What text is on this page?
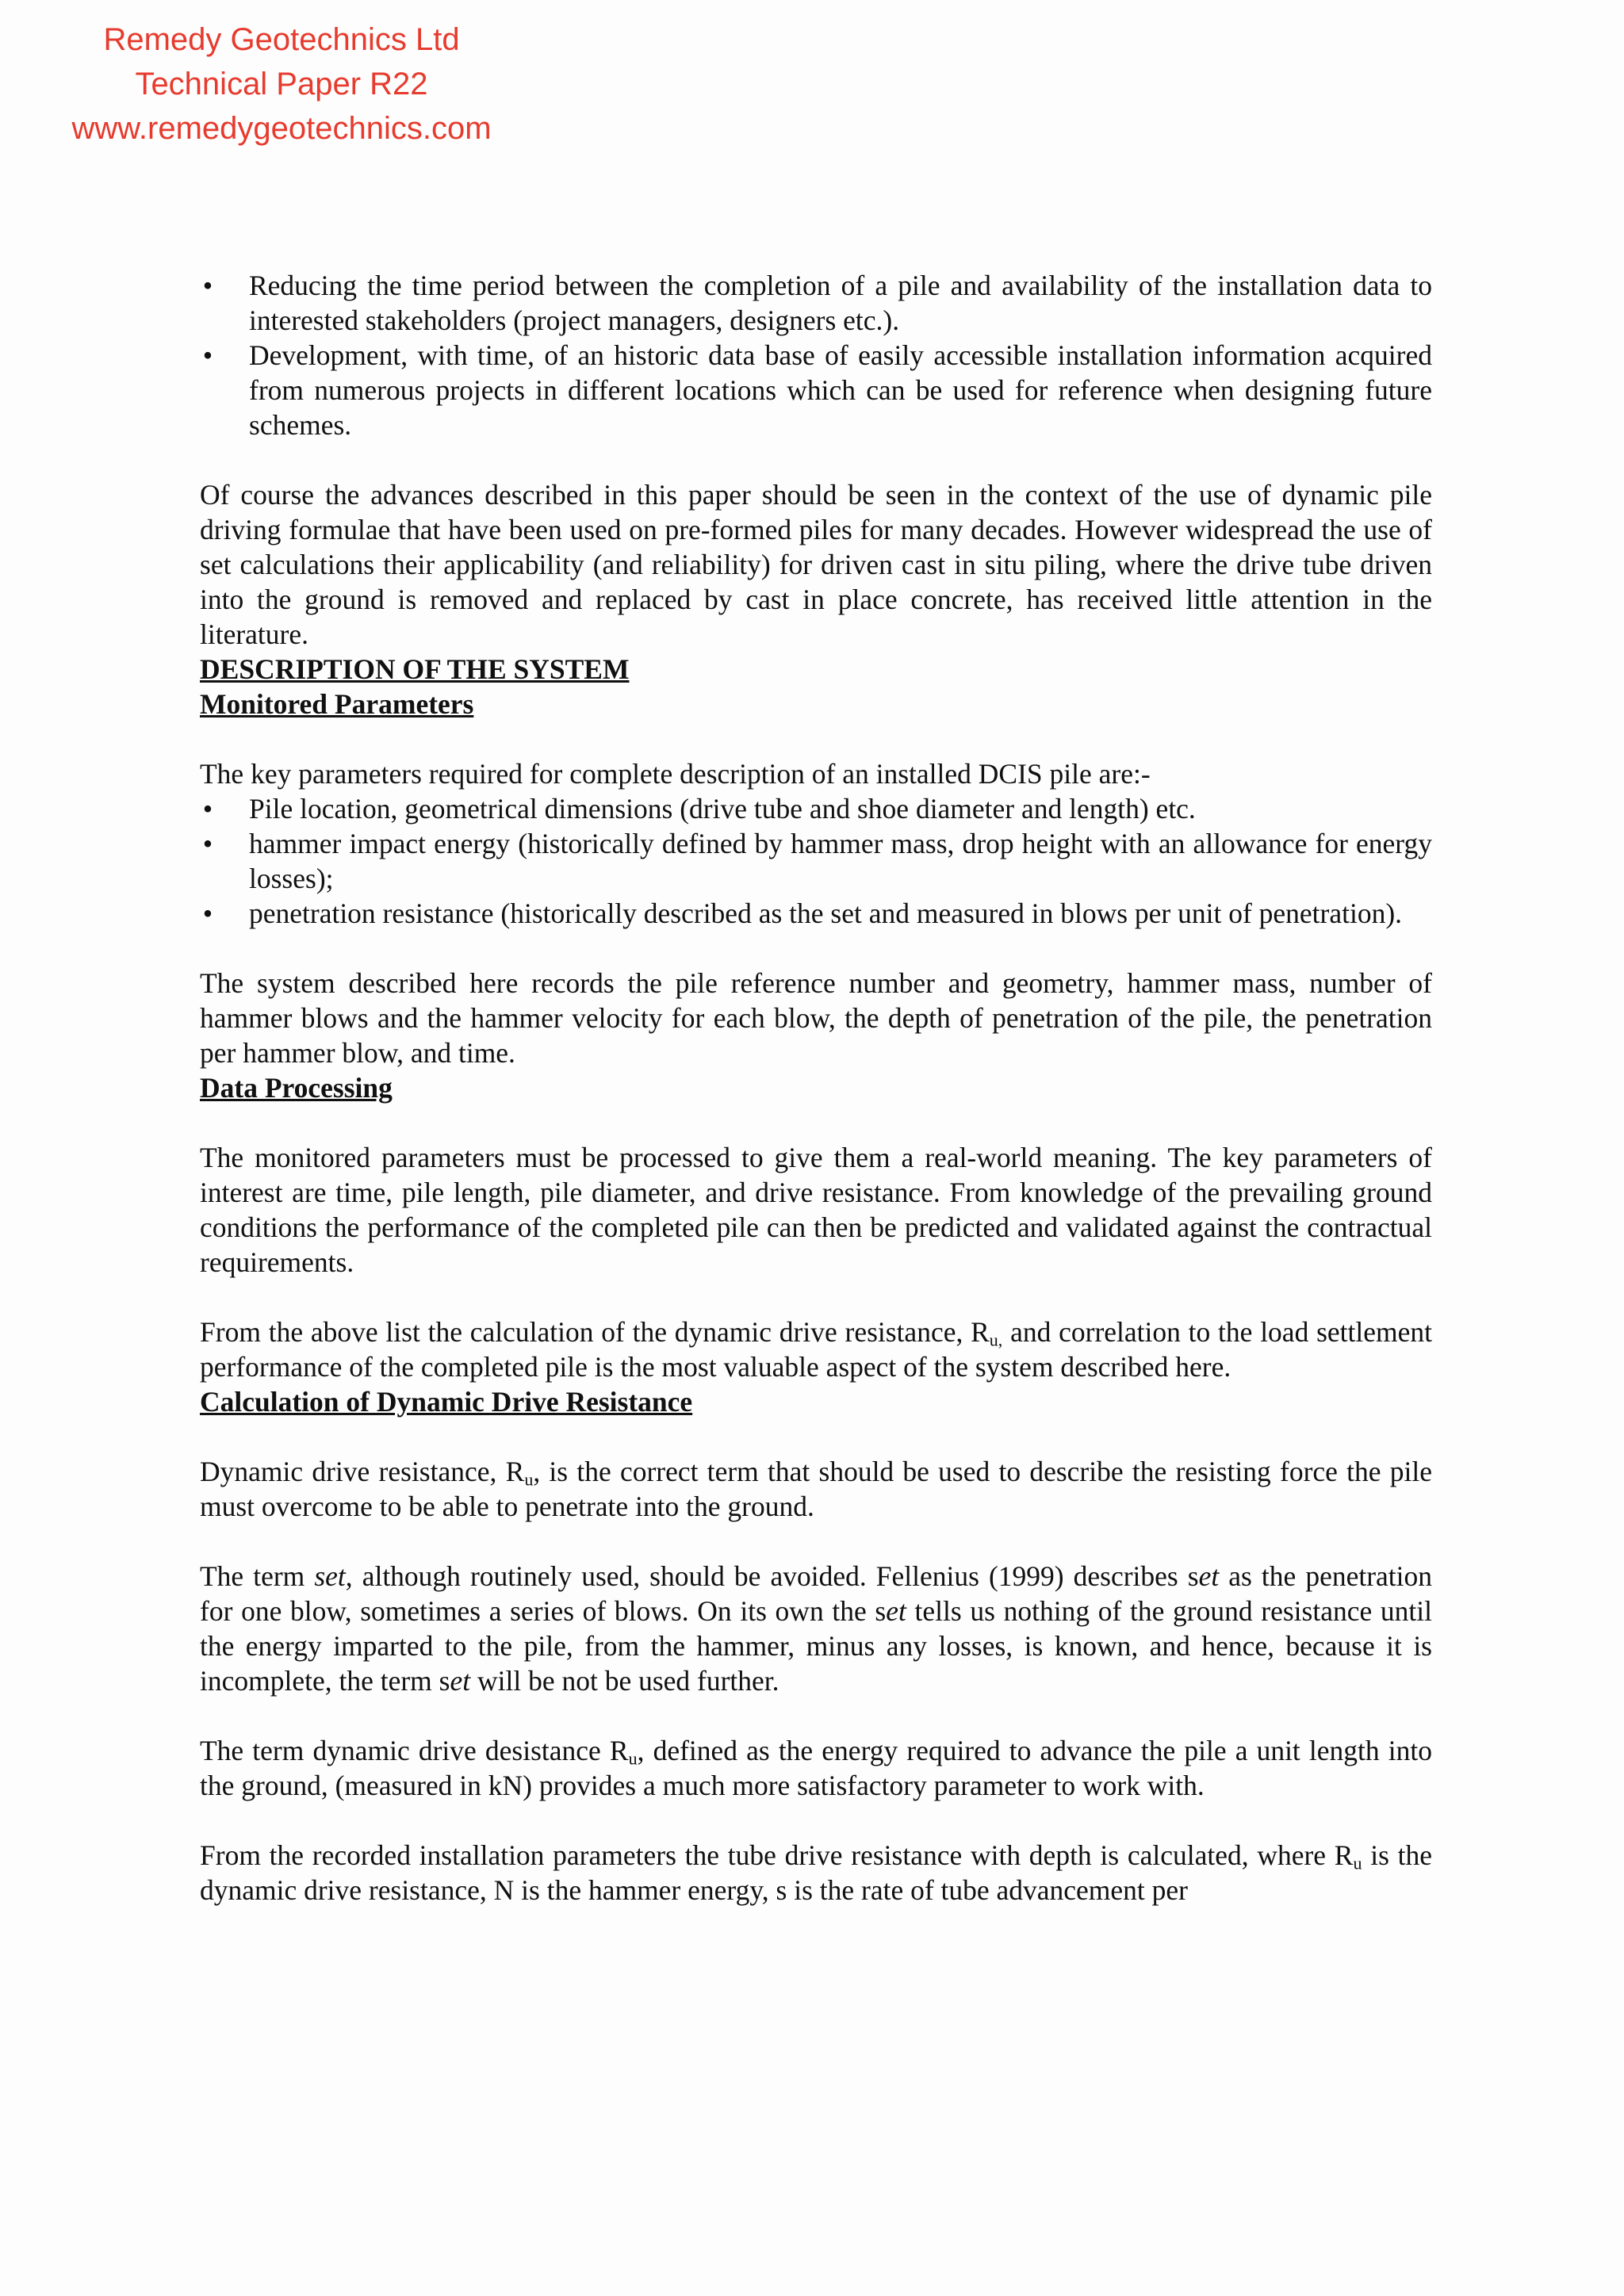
Remedy Geotechnics Ltd
Technical Paper R22
www.remedygeotechnics.com
• Reducing the time period between the completion of a pile and availability of the installation data to interested stakeholders (project managers, designers etc.).
• Development, with time, of an historic data base of easily accessible installation information acquired from numerous projects in different locations which can be used for reference when designing future schemes.

Of course the advances described in this paper should be seen in the context of the use of dynamic pile driving formulae that have been used on pre-formed piles for many decades. However widespread the use of set calculations their applicability (and reliability) for driven cast in situ piling, where the drive tube driven into the ground is removed and replaced by cast in place concrete, has received little attention in the literature.

DESCRIPTION OF THE SYSTEM

Monitored Parameters

The key parameters required for complete description of an installed DCIS pile are:-

• Pile location, geometrical dimensions (drive tube and shoe diameter and length) etc.
• hammer impact energy (historically defined by hammer mass, drop height with an allowance for energy losses);
• penetration resistance (historically described as the set and measured in blows per unit of penetration).

The system described here records the pile reference number and geometry, hammer mass, number of hammer blows and the hammer velocity for each blow, the depth of penetration of the pile, the penetration per hammer blow, and time.

Data Processing

The monitored parameters must be processed to give them a real-world meaning. The key parameters of interest are time, pile length, pile diameter, and drive resistance. From knowledge of the prevailing ground conditions the performance of the completed pile can then be predicted and validated against the contractual requirements.

From the above list the calculation of the dynamic drive resistance, $R_{u,}$ and correlation to the load settlement performance of the completed pile is the most valuable aspect of the system described here.

Calculation of Dynamic Drive Resistance

Dynamic drive resistance, $R_u$, is the correct term that should be used to describe the resisting force the pile must overcome to be able to penetrate into the ground.

The term set, although routinely used, should be avoided. Fellenius (1999) describes set as the penetration for one blow, sometimes a series of blows. On its own the set tells us nothing of the ground resistance until the energy imparted to the pile, from the hammer, minus any losses, is known, and hence, because it is incomplete, the term set will be not be used further.

The term dynamic drive desistance $R_u$, defined as the energy required to advance the pile a unit length into the ground, (measured in kN) provides a much more satisfactory parameter to work with.

From the recorded installation parameters the tube drive resistance with depth is calculated, where $R_u$ is the dynamic drive resistance, N is the hammer energy, s is the rate of tube advancement per
